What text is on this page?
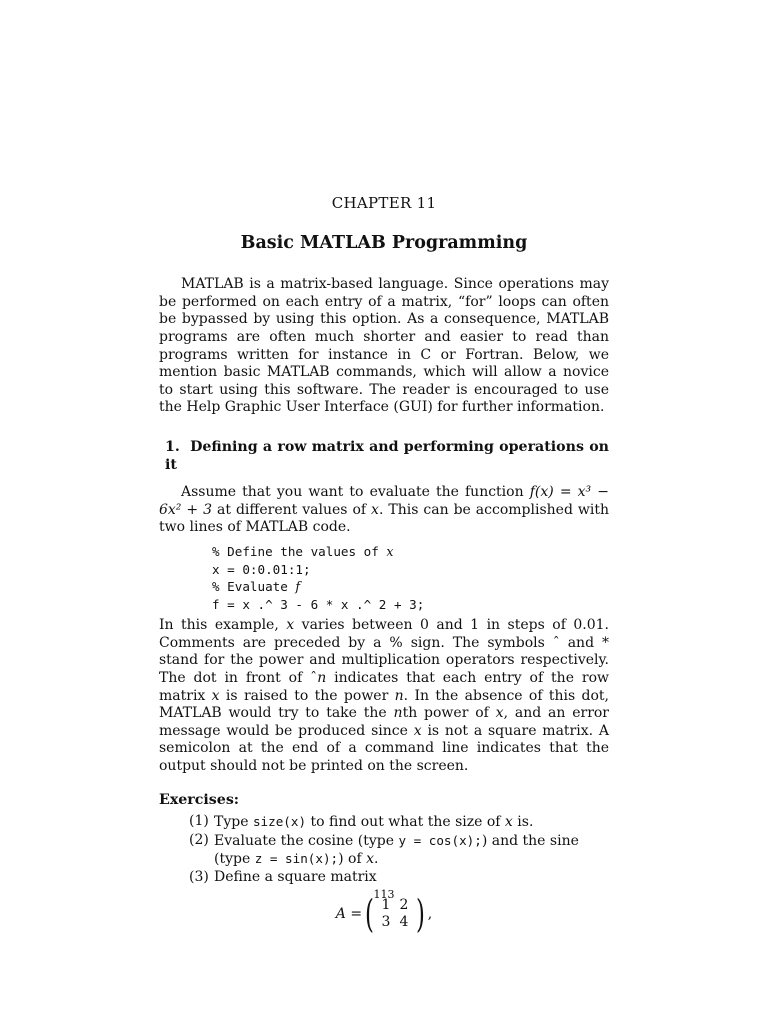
CHAPTER 11

Basic MATLAB Programming

MATLAB is a matrix-based language. Since operations may be performed on each entry of a matrix, “for” loops can often be bypassed by using this option. As a consequence, MATLAB programs are often much shorter and easier to read than programs written for instance in C or Fortran. Below, we mention basic MATLAB commands, which will allow a novice to start using this software. The reader is encouraged to use the Help Graphic User Interface (GUI) for further information.

1. Defining a row matrix and performing operations on it

Assume that you want to evaluate the function f(x) = x³ − 6x² + 3 at different values of x. This can be accomplished with two lines of MATLAB code.

% Define the values of x
x = 0:0.01:1;
% Evaluate f
f = x .^ 3 - 6 * x .^ 2 + 3;

In this example, x varies between 0 and 1 in steps of 0.01. Comments are preceded by a % sign. The symbols ˆ and * stand for the power and multiplication operators respectively. The dot in front of ˆn indicates that each entry of the row matrix x is raised to the power n. In the absence of this dot, MATLAB would try to take the nth power of x, and an error message would be produced since x is not a square matrix. A semicolon at the end of a command line indicates that the output should not be printed on the screen.

Exercises:

(1) Type size(x) to find out what the size of x is.
(2) Evaluate the cosine (type y = cos(x);) and the sine (type z = sin(x);) of x.
(3) Define a square matrix
A = ( 1 2
3 4 ) ,
113
